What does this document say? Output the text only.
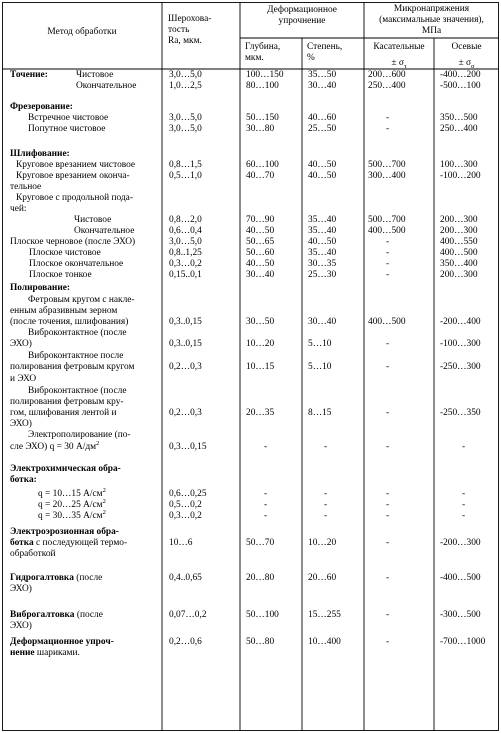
Метод обработки
Шерохова-
тость
Ra, мкм.
Деформационное
упрочнение
Глубина,
мкм.
Степень,
%
Микронапряжения
(максимальные значения),
МПа
Касательные
± $\sigma_\tau$
Осевые
± $\sigma_\sigma$
Точение:	Чистовое	3,0…5,0	100…150	35…50	200…600	-400…200
Окончательное	1,0…2,5	80…100	30…40	250…400	-500…100
Фрезерование:
Встречное чистовое	3,0…5,0	50…150	40…60	-	350…500
Попутное чистовое	3,0…5,0	30…80	25…50	-	250…400
Шлифование:
Круговое врезанием чистовое	0,8…1,5	60…100	40…50	500…700	100…300
Круговое врезанием оконча-	0,5…1,0	40…70	40…50	300…400	-100…200
тельное
Круговое с продольной пода-
чей:
Чистовое	0,8…2,0	70…90	35…40	500…700	200…300
Окончательное	0,6…0,4	40…50	35…40	400…500	200…300
Плоское черновое (после ЭХО)	3,0…5,0	50…65	40…50	-	400…550
Плоское чистовое	0,8..1,25	50…60	35…40	-	400…500
Плоское окончательное	0,3…0,2	40…50	30…35	-	350…400
Плоское тонкое	0,15..0,1	30…40	25…30	-	200…300
Полирование:
Фетровым кругом с накле-
енным абразивным зерном
(после точения, шлифования)	0,3..0,15	30…50	30…40	400…500	-200…400
Виброконтактное (после
ЭХО)	0,3..0,15	10…20	5…10	-	-100…300
Виброконтактное после
полирования фетровым кругом	0,2…0,3	10…15	5…10	-	-250…300
и ЭХО
Виброконтактное (после
полирования фетровым кру-
гом, шлифования лентой и	0,2…0,3	20…35	8…15	-	-250…350
ЭХО)
Электрополирование (по-
сле ЭХО) q = 30 $А/дм^2$	0,3…0,15	-	-	-	-
Электрохимическая обра-
ботка:
q = 10…15 $А/см^2$	0,6…0,25	-	-	-	-
q = 20…25 $А/см^2$	0,5…0,2	-	-	-	-
q = 30…35 $А/см^2$	0,3…0,2	-	-	-	-
Электроэрозионная обра-
ботка с последующей термо-	10…6	50…70	10…20	-	-200…300
обработкой
Гидрогалтовка (после	0,4..0,65	20…80	20…60	-	-400…500
ЭХО)
Виброгалтовка (после	0,07…0,2	50…100	15…255	-	-300…500
ЭХО)
Деформационное упроч-	0,2…0,6	50…80	10…400	-	-700…1000
нение шариками.
